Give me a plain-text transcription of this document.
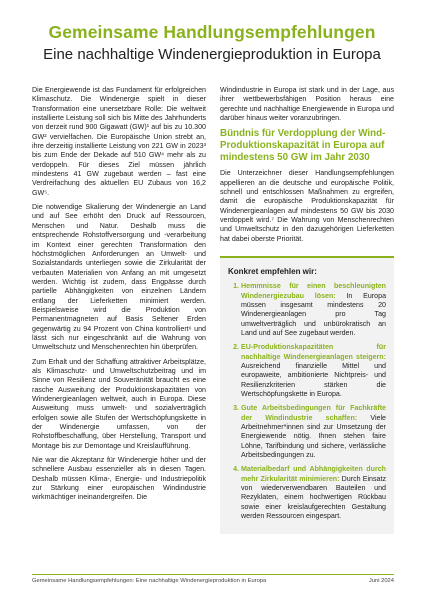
Gemeinsame Handlungsempfehlungen
Eine nachhaltige Windenergieproduktion in Europa

Die Energiewende ist das Fundament für erfolgreichen Klimaschutz. Die Windenergie spielt in dieser Transformation eine unersetzbare Rolle: Die weltweit installierte Leistung soll sich bis Mitte des Jahrhunderts von derzeit rund 900 Gigawatt (GW)¹ auf bis zu 10.300 GW² vervielfachen. Die Europäische Union strebt an, ihre derzeitig installierte Leistung von 221 GW in 2023³ bis zum Ende der Dekade auf 510 GW⁴ mehr als zu verdoppeln. Für dieses Ziel müssen jährlich mindestens 41 GW zugebaut werden – fast eine Verdreifachung des aktuellen EU Zubaus von 16,2 GW⁵.

Die notwendige Skalierung der Windenergie an Land und auf See erhöht den Druck auf Ressourcen, Menschen und Natur. Deshalb muss die entsprechende Rohstoffversorgung und -verarbeitung im Kontext einer gerechten Transformation den höchstmöglichen Anforderungen an Umwelt- und Sozialstandards unterliegen sowie die Zirkularität der verbauten Materialien von Anfang an mit umgesetzt werden. Wichtig ist zudem, dass Engpässe durch partielle Abhängigkeiten von einzelnen Ländern entlang der Lieferketten minimiert werden. Beispielsweise wird die Produktion von Permanentmagneten auf Basis Seltener Erden gegenwärtig zu 94 Prozent von China kontrolliert⁶ und lässt sich nur eingeschränkt auf die Wahrung von Umweltschutz und Menschenrechten hin überprüfen.

Zum Erhalt und der Schaffung attraktiver Arbeitsplätze, als Klimaschutz- und Umweltschutzbeitrag und im Sinne von Resilienz und Souveränität braucht es eine rasche Ausweitung der Produktionskapazitäten von Windenergieanlagen weltweit, auch in Europa. Diese Ausweitung muss umwelt- und sozialverträglich erfolgen sowie alle Stufen der Wertschöpfungskette in der Windenergie umfassen, von der Rohstoffbeschaffung, über Herstellung, Transport und Montage bis zur Demontage und Kreislaufführung.

Nie war die Akzeptanz für Windenergie höher und der schnellere Ausbau essenzieller als in diesen Tagen. Deshalb müssen Klima-, Energie- und Industriepolitik zur Stärkung einer europäischen Windindustrie wirkmächtiger ineinandergreifen. Die

Windindustrie in Europa ist stark und in der Lage, aus ihrer wettbewerbsfähigen Position heraus eine gerechte und nachhaltige Energiewende in Europa und darüber hinaus weiter voranzubringen.

Bündnis für Verdopplung der Wind-Produktionskapazität in Europa auf mindestens 50 GW im Jahr 2030

Die Unterzeichner dieser Handlungsempfehlungen appellieren an die deutsche und europäische Politik, schnell und entschlossen Maßnahmen zu ergreifen, damit die europäische Produktionskapazität für Windenergieanlagen auf mindestens 50 GW bis 2030 verdoppelt wird.⁷ Die Wahrung von Menschenrechten und Umweltschutz in den dazugehörigen Lieferketten hat dabei oberste Priorität.

Konkret empfehlen wir:
1. Hemmnisse für einen beschleunigten Windenergiezubau lösen: In Europa müssen insgesamt mindestens 20 Windenergieanlagen pro Tag umweltverträglich und unbürokratisch an Land und auf See zugebaut werden.
2. EU-Produktionskapazitäten für nachhaltige Windenergieanlagen steigern: Ausreichend finanzielle Mittel und europaweite, ambitionierte Nichtpreis- und Resilienzkriterien stärken die Wertschöpfungskette in Europa.
3. Gute Arbeitsbedingungen für Fachkräfte der Windindustrie schaffen: Viele Arbeitnehmer*innen sind zur Umsetzung der Energiewende nötig. Ihnen stehen faire Löhne, Tarifbindung und sichere, verlässliche Arbeitsbedingungen zu.
4. Materialbedarf und Abhängigkeiten durch mehr Zirkularität minimieren: Durch Einsatz von wiederverwendbaren Bauteilen und Rezyklaten, einem hochwertigen Rückbau sowie einer kreislaufgerechten Gestaltung werden Ressourcen eingespart.
Gemeinsame Handlungsempfehlungen: Eine nachhaltige Windenergieproduktion in Europa	Juni 2024
